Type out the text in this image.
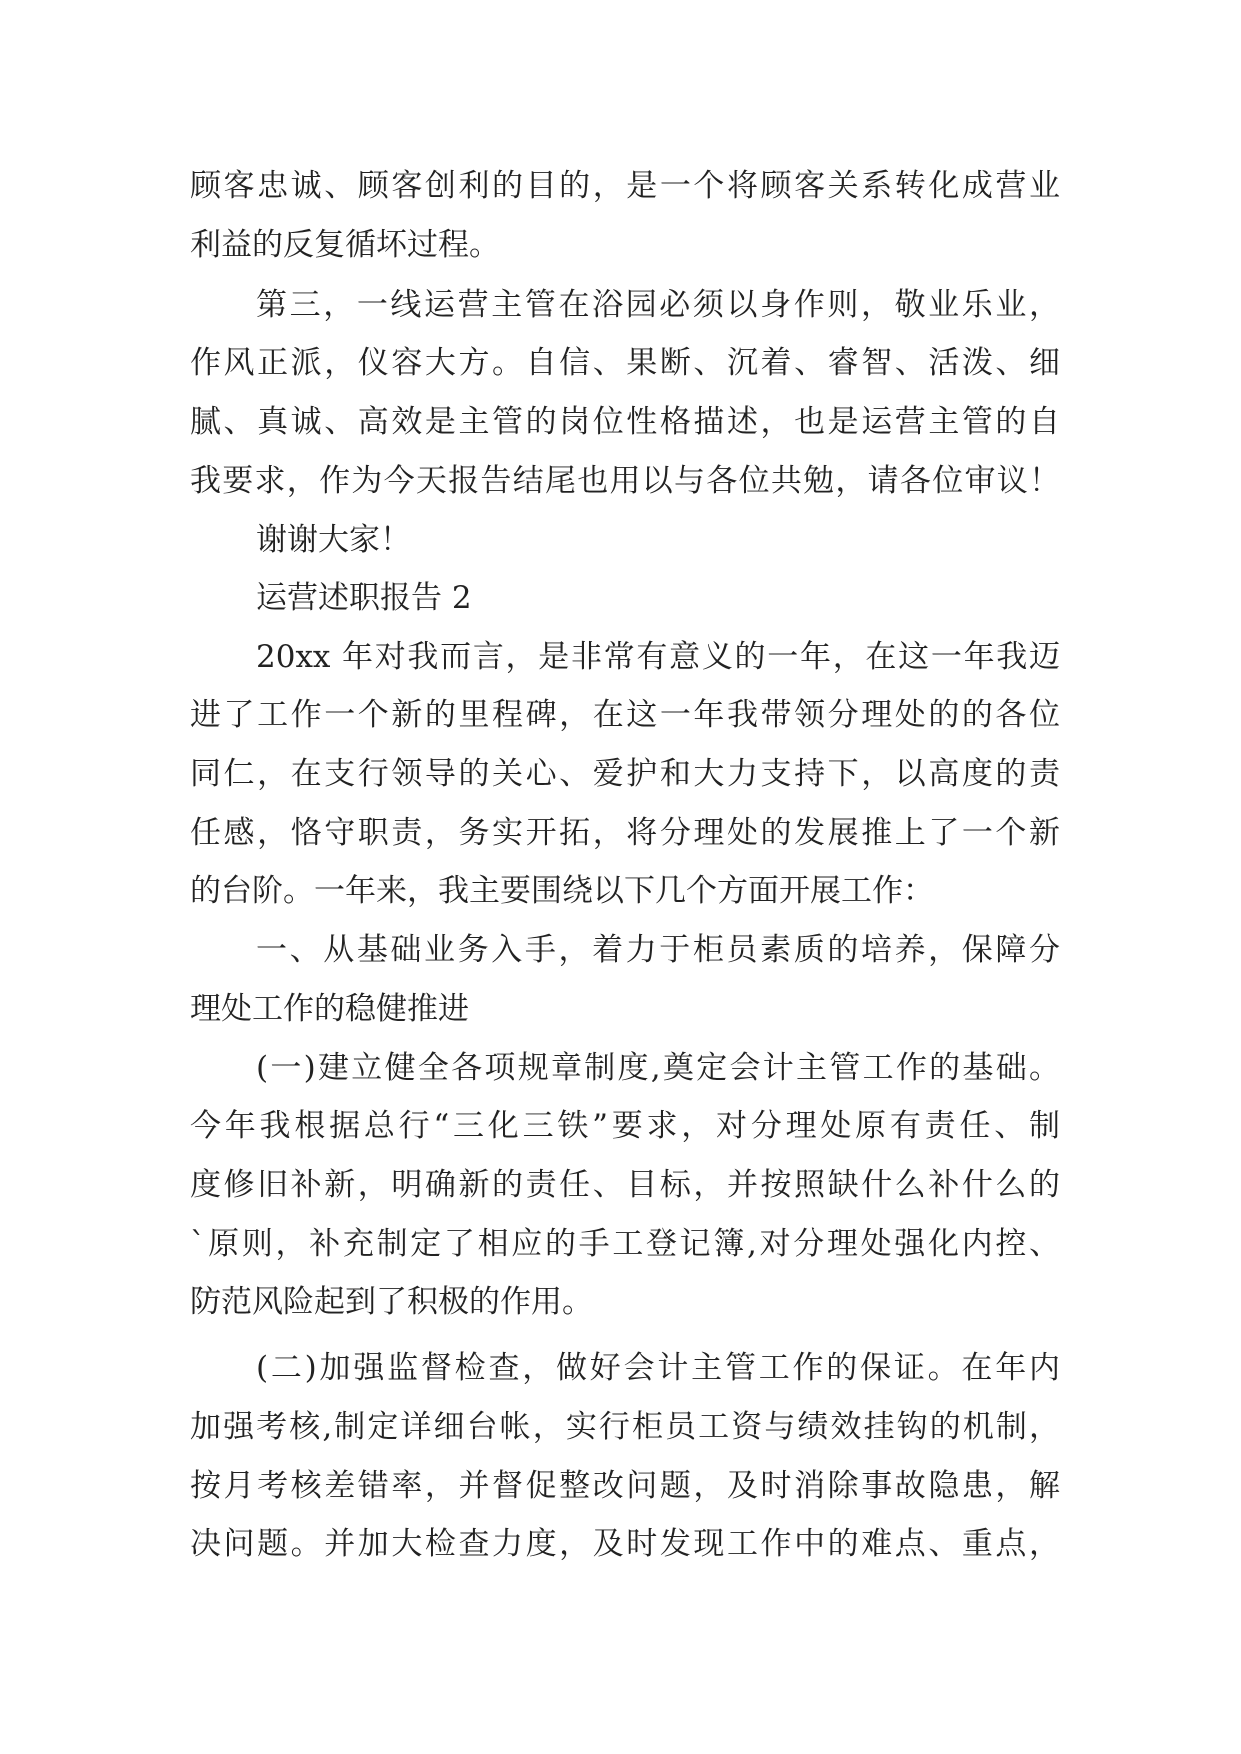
顾客忠诚、顾客创利的目的，是一个将顾客关系转化成营业
利益的反复循坏过程。
第三，一线运营主管在浴园必须以身作则，敬业乐业，
作风正派，仪容大方。自信、果断、沉着、睿智、活泼、细
腻、真诚、高效是主管的岗位性格描述，也是运营主管的自
我要求，作为今天报告结尾也用以与各位共勉，请各位审议！
谢谢大家！
运营述职报告 2
20xx 年对我而言，是非常有意义的一年，在这一年我迈
进了工作一个新的里程碑，在这一年我带领分理处的的各位
同仁，在支行领导的关心、爱护和大力支持下，以高度的责
任感，恪守职责，务实开拓，将分理处的发展推上了一个新
的台阶。一年来，我主要围绕以下几个方面开展工作：
一、从基础业务入手，着力于柜员素质的培养，保障分
理处工作的稳健推进
(一)建立健全各项规章制度,奠定会计主管工作的基础。
今年我根据总行“三化三铁”要求，对分理处原有责任、制
度修旧补新，明确新的责任、目标，并按照缺什么补什么的
`原则，补充制定了相应的手工登记簿,对分理处强化内控、
防范风险起到了积极的作用。
(二)加强监督检查，做好会计主管工作的保证。在年内
加强考核,制定详细台帐，实行柜员工资与绩效挂钩的机制，
按月考核差错率，并督促整改问题，及时消除事故隐患，解
决问题。并加大检查力度，及时发现工作中的难点、重点，
